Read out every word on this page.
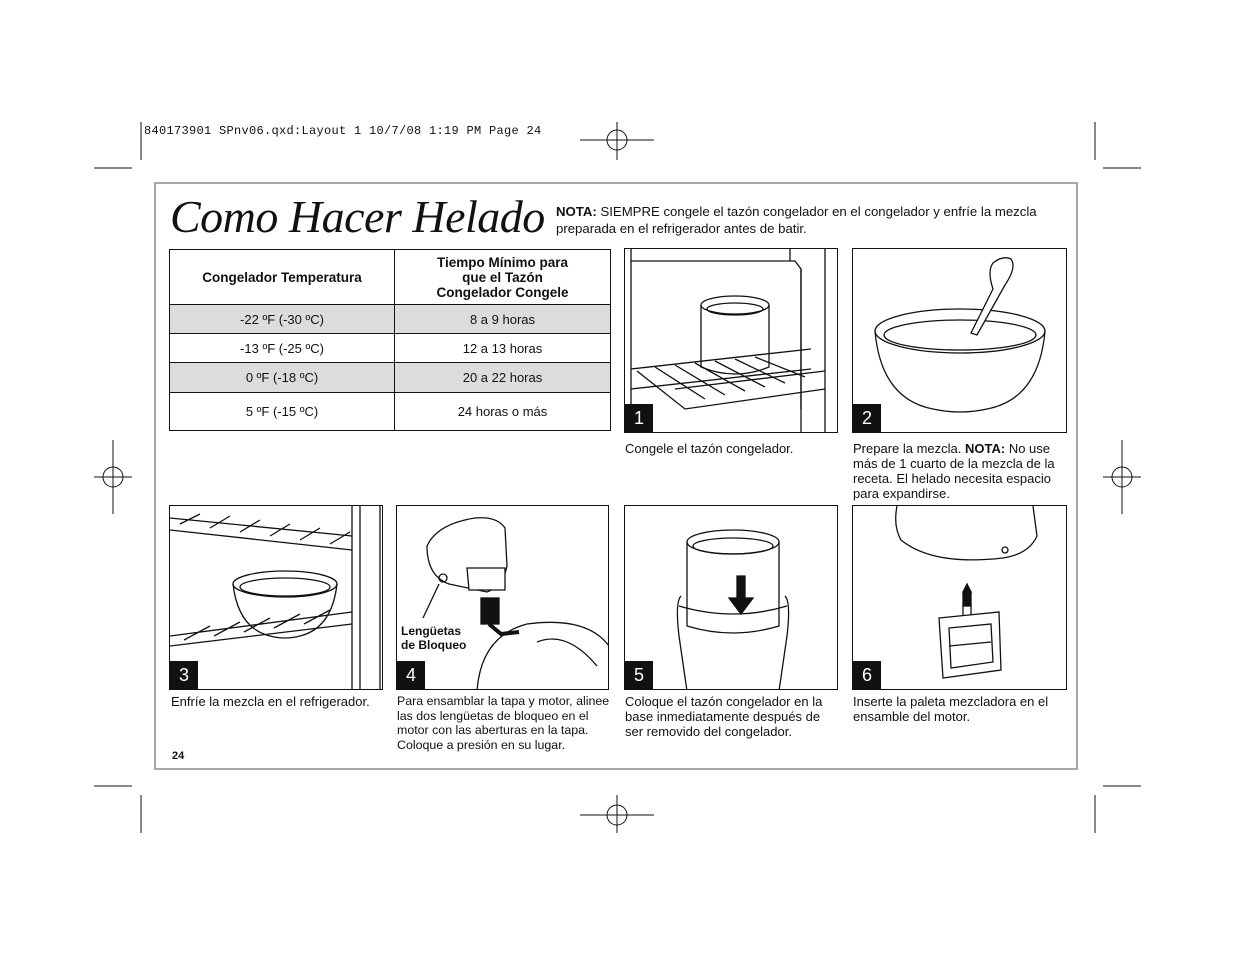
840173901 SPnv06.qxd:Layout 1 10/7/08 1:19 PM Page 24
Como Hacer Helado NOTA: SIEMPRE congele el tazón congelador en el congelador y enfríe la mezcla preparada en el refrigerador antes de batir.
Congelador Temperatura	Tiempo Mínimo para que el Tazón Congelador Congele
-22 ºF (-30 ºC)	8 a 9 horas
-13 ºF (-25 ºC)	12 a 13 horas
0 ºF (-18 ºC)	20 a 22 horas
5 ºF (-15 ºC)	24 horas o más	1
Congele el tazón congelador.
2
Prepare la mezcla. NOTA: No use más de 1 cuarto de la mezcla de la receta. El helado necesita espacio para expandirse.
3
Enfríe la mezcla en el refrigerador.
Lengüetas
de Bloqueo
4
Para ensamblar la tapa y motor, alinee las dos lengüetas de bloqueo en el motor con las aberturas en la tapa. Coloque a presión en su lugar.
5
Coloque el tazón congelador en la base inmediatamente después de ser removido del congelador.
6
Inserte la paleta mezcladora en el ensamble del motor.
24
